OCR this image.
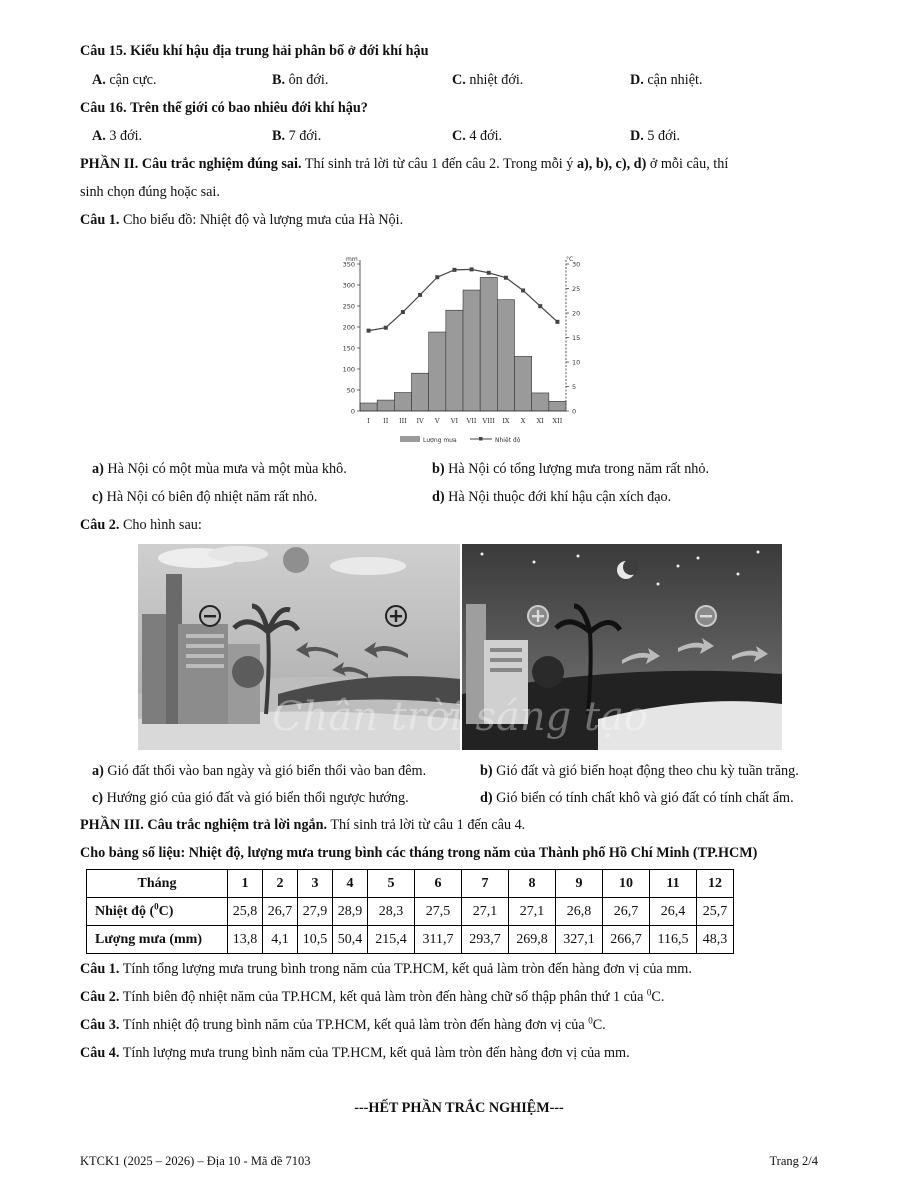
Câu 15. Kiểu khí hậu địa trung hải phân bố ở đới khí hậu
A. cận cực.	B. ôn đới.	C. nhiệt đới.	D. cận nhiệt.
Câu 16. Trên thế giới có bao nhiêu đới khí hậu?
A. 3 đới.	B. 7 đới.	C. 4 đới.	D. 5 đới.
PHẦN II. Câu trắc nghiệm đúng sai. Thí sinh trả lời từ câu 1 đến câu 2. Trong mỗi ý a), b), c), d) ở mỗi câu, thí
sinh chọn đúng hoặc sai.
Câu 1. Cho biểu đồ: Nhiệt độ và lượng mưa của Hà Nội.
0
50
100
150
200
250
300
350
0
5
10
15
20
25
30
I II III IV V VI VII VIII IX X XI XII
mm	°C
Lượng mưa	Nhiệt độ
a) Hà Nội có một mùa mưa và một mùa khô.	b) Hà Nội có tổng lượng mưa trong năm rất nhỏ.
c) Hà Nội có biên độ nhiệt năm rất nhỏ.	d) Hà Nội thuộc đới khí hậu cận xích đạo.
Câu 2. Cho hình sau:
Chân trời sáng tạo
a) Gió đất thổi vào ban ngày và gió biển thổi vào ban đêm.	b) Gió đất và gió biển hoạt động theo chu kỳ tuần trăng.
c) Hướng gió của gió đất và gió biển thổi ngược hướng.	d) Gió biển có tính chất khô và gió đất có tính chất ẩm.
PHẦN III. Câu trắc nghiệm trả lời ngắn. Thí sinh trả lời từ câu 1 đến câu 4.
Cho bảng số liệu: Nhiệt độ, lượng mưa trung bình các tháng trong năm của Thành phố Hồ Chí Minh (TP.HCM)
Tháng	1	2	3	4	5	6	7	8	9	10	11	12
Nhiệt độ ($^0$C)	25,8	26,7	27,9	28,9	28,3	27,5	27,1	27,1	26,8	26,7	26,4	25,7
Lượng mưa (mm)	13,8	4,1	10,5	50,4	215,4	311,7	293,7	269,8	327,1	266,7	116,5	48,3
Câu 1. Tính tổng lượng mưa trung bình trong năm của TP.HCM, kết quả làm tròn đến hàng đơn vị của mm.
Câu 2. Tính biên độ nhiệt năm của TP.HCM, kết quả làm tròn đến hàng chữ số thập phân thứ 1 của $^0$C.
Câu 3. Tính nhiệt độ trung bình năm của TP.HCM, kết quả làm tròn đến hàng đơn vị của $^0$C.
Câu 4. Tính lượng mưa trung bình năm của TP.HCM, kết quả làm tròn đến hàng đơn vị của mm.
---HẾT PHẦN TRẮC NGHIỆM---
KTCK1 (2025 – 2026) – Địa 10 - Mã đề 7103	Trang 2/4
